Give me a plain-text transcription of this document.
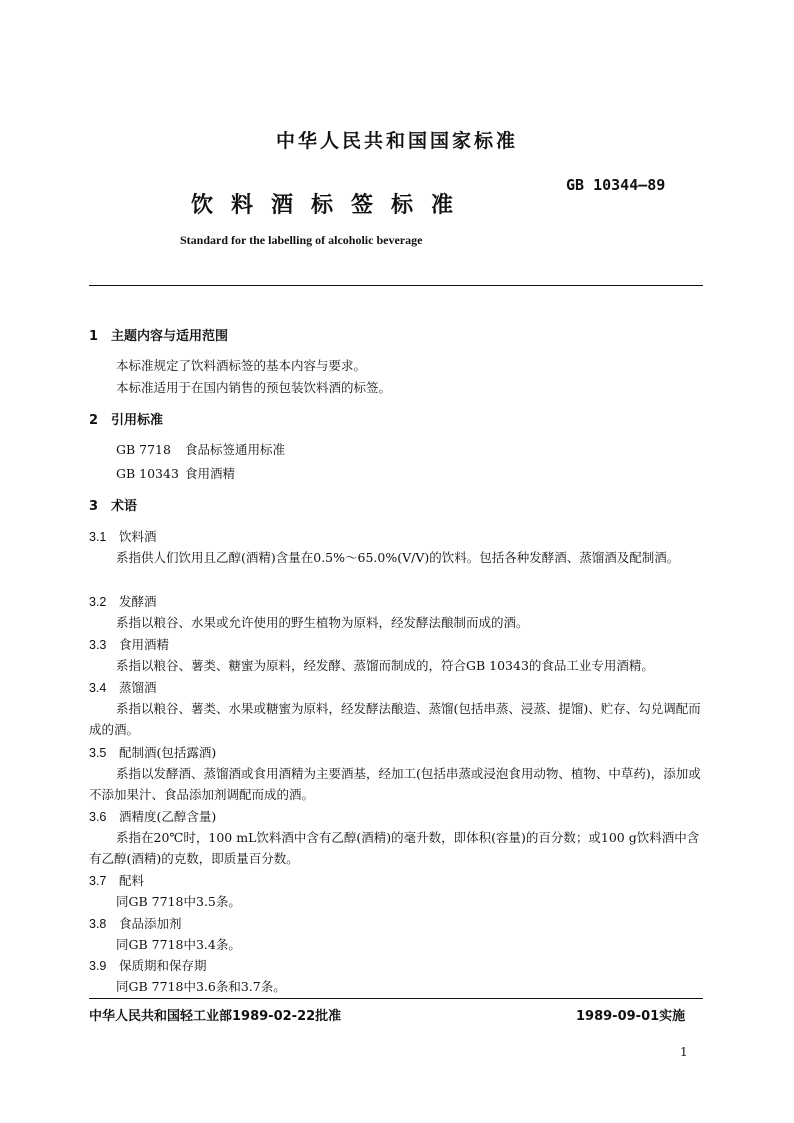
中华人民共和国国家标准
GB 10344—89
饮料酒标签标准
Standard for the labelling of alcoholic beverage
1 主题内容与适用范围
本标准规定了饮料酒标签的基本内容与要求。
本标准适用于在国内销售的预包装饮料酒的标签。
2 引用标准
GB 7718 食品标签通用标准
GB 10343 食用酒精
3 术语
3.1 饮料酒
系指供人们饮用且乙醇(酒精)含量在0.5%～65.0%(V/V)的饮料。包括各种发酵酒、蒸馏酒及配制酒。
3.2 发酵酒
系指以粮谷、水果或允许使用的野生植物为原料，经发酵法酿制而成的酒。
3.3 食用酒精
系指以粮谷、薯类、糖蜜为原料，经发酵、蒸馏而制成的，符合GB 10343的食品工业专用酒精。
3.4 蒸馏酒
系指以粮谷、薯类、水果或糖蜜为原料，经发酵法酿造、蒸馏(包括串蒸、浸蒸、提馏)、贮存、勾兑调配而成的酒。
3.5 配制酒(包括露酒)
系指以发酵酒、蒸馏酒或食用酒精为主要酒基，经加工(包括串蒸或浸泡食用动物、植物、中草药)，添加或不添加果汁、食品添加剂调配而成的酒。
3.6 酒精度(乙醇含量)
系指在20℃时，100 mL饮料酒中含有乙醇(酒精)的毫升数，即体积(容量)的百分数；或100 g饮料酒中含有乙醇(酒精)的克数，即质量百分数。
3.7 配料
同GB 7718中3.5条。
3.8 食品添加剂
同GB 7718中3.4条。
3.9 保质期和保存期
同GB 7718中3.6条和3.7条。
中华人民共和国轻工业部1989-02-22批准	1989-09-01实施
1
